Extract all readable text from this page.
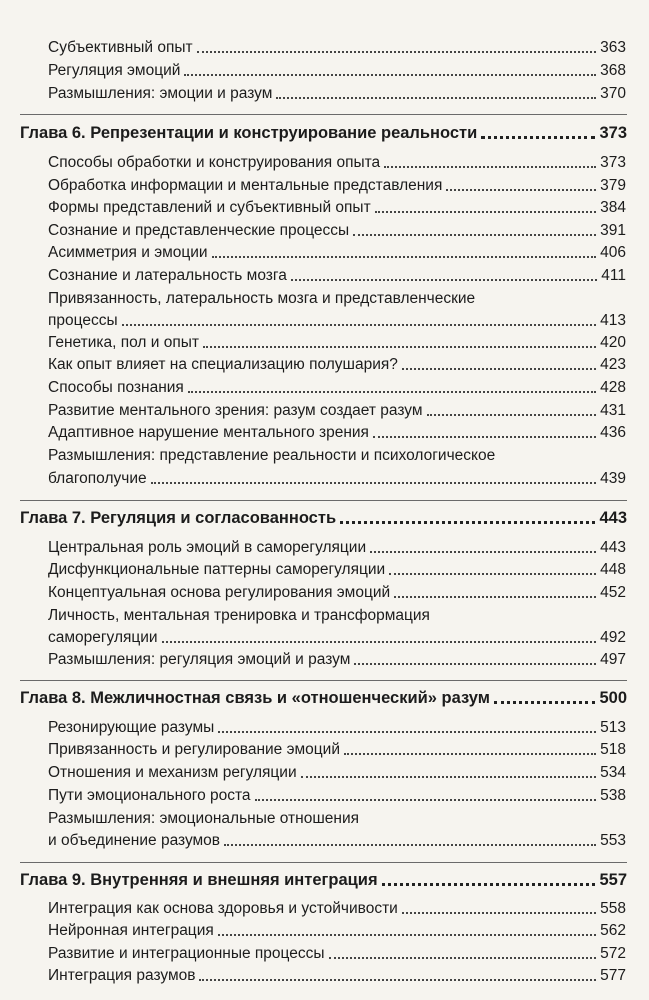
Субъективный опыт	363
Регуляция эмоций	368
Размышления: эмоции и разум	370
Глава 6. Репрезентации и конструирование реальности	373
Способы обработки и конструирования опыта	373
Обработка информации и ментальные представления	379
Формы представлений и субъективный опыт	384
Сознание и представленческие процессы	391
Асимметрия и эмоции	406
Сознание и латеральность мозга	411
Привязанность, латеральность мозга и представленческие
процессы	413
Генетика, пол и опыт	420
Как опыт влияет на специализацию полушария?	423
Способы познания	428
Развитие ментального зрения: разум создает разум	431
Адаптивное нарушение ментального зрения	436
Размышления: представление реальности и психологическое
благополучие	439
Глава 7. Регуляция и согласованность	443
Центральная роль эмоций в саморегуляции	443
Дисфункциональные паттерны саморегуляции	448
Концептуальная основа регулирования эмоций	452
Личность, ментальная тренировка и трансформация
саморегуляции	492
Размышления: регуляция эмоций и разум	497
Глава 8. Межличностная связь и «отношенческий» разум	500
Резонирующие разумы	513
Привязанность и регулирование эмоций	518
Отношения и механизм регуляции	534
Пути эмоционального роста	538
Размышления: эмоциональные отношения
и объединение разумов	553
Глава 9. Внутренняя и внешняя интеграция	557
Интеграция как основа здоровья и устойчивости	558
Нейронная интеграция	562
Развитие и интеграционные процессы	572
Интеграция разумов	577
